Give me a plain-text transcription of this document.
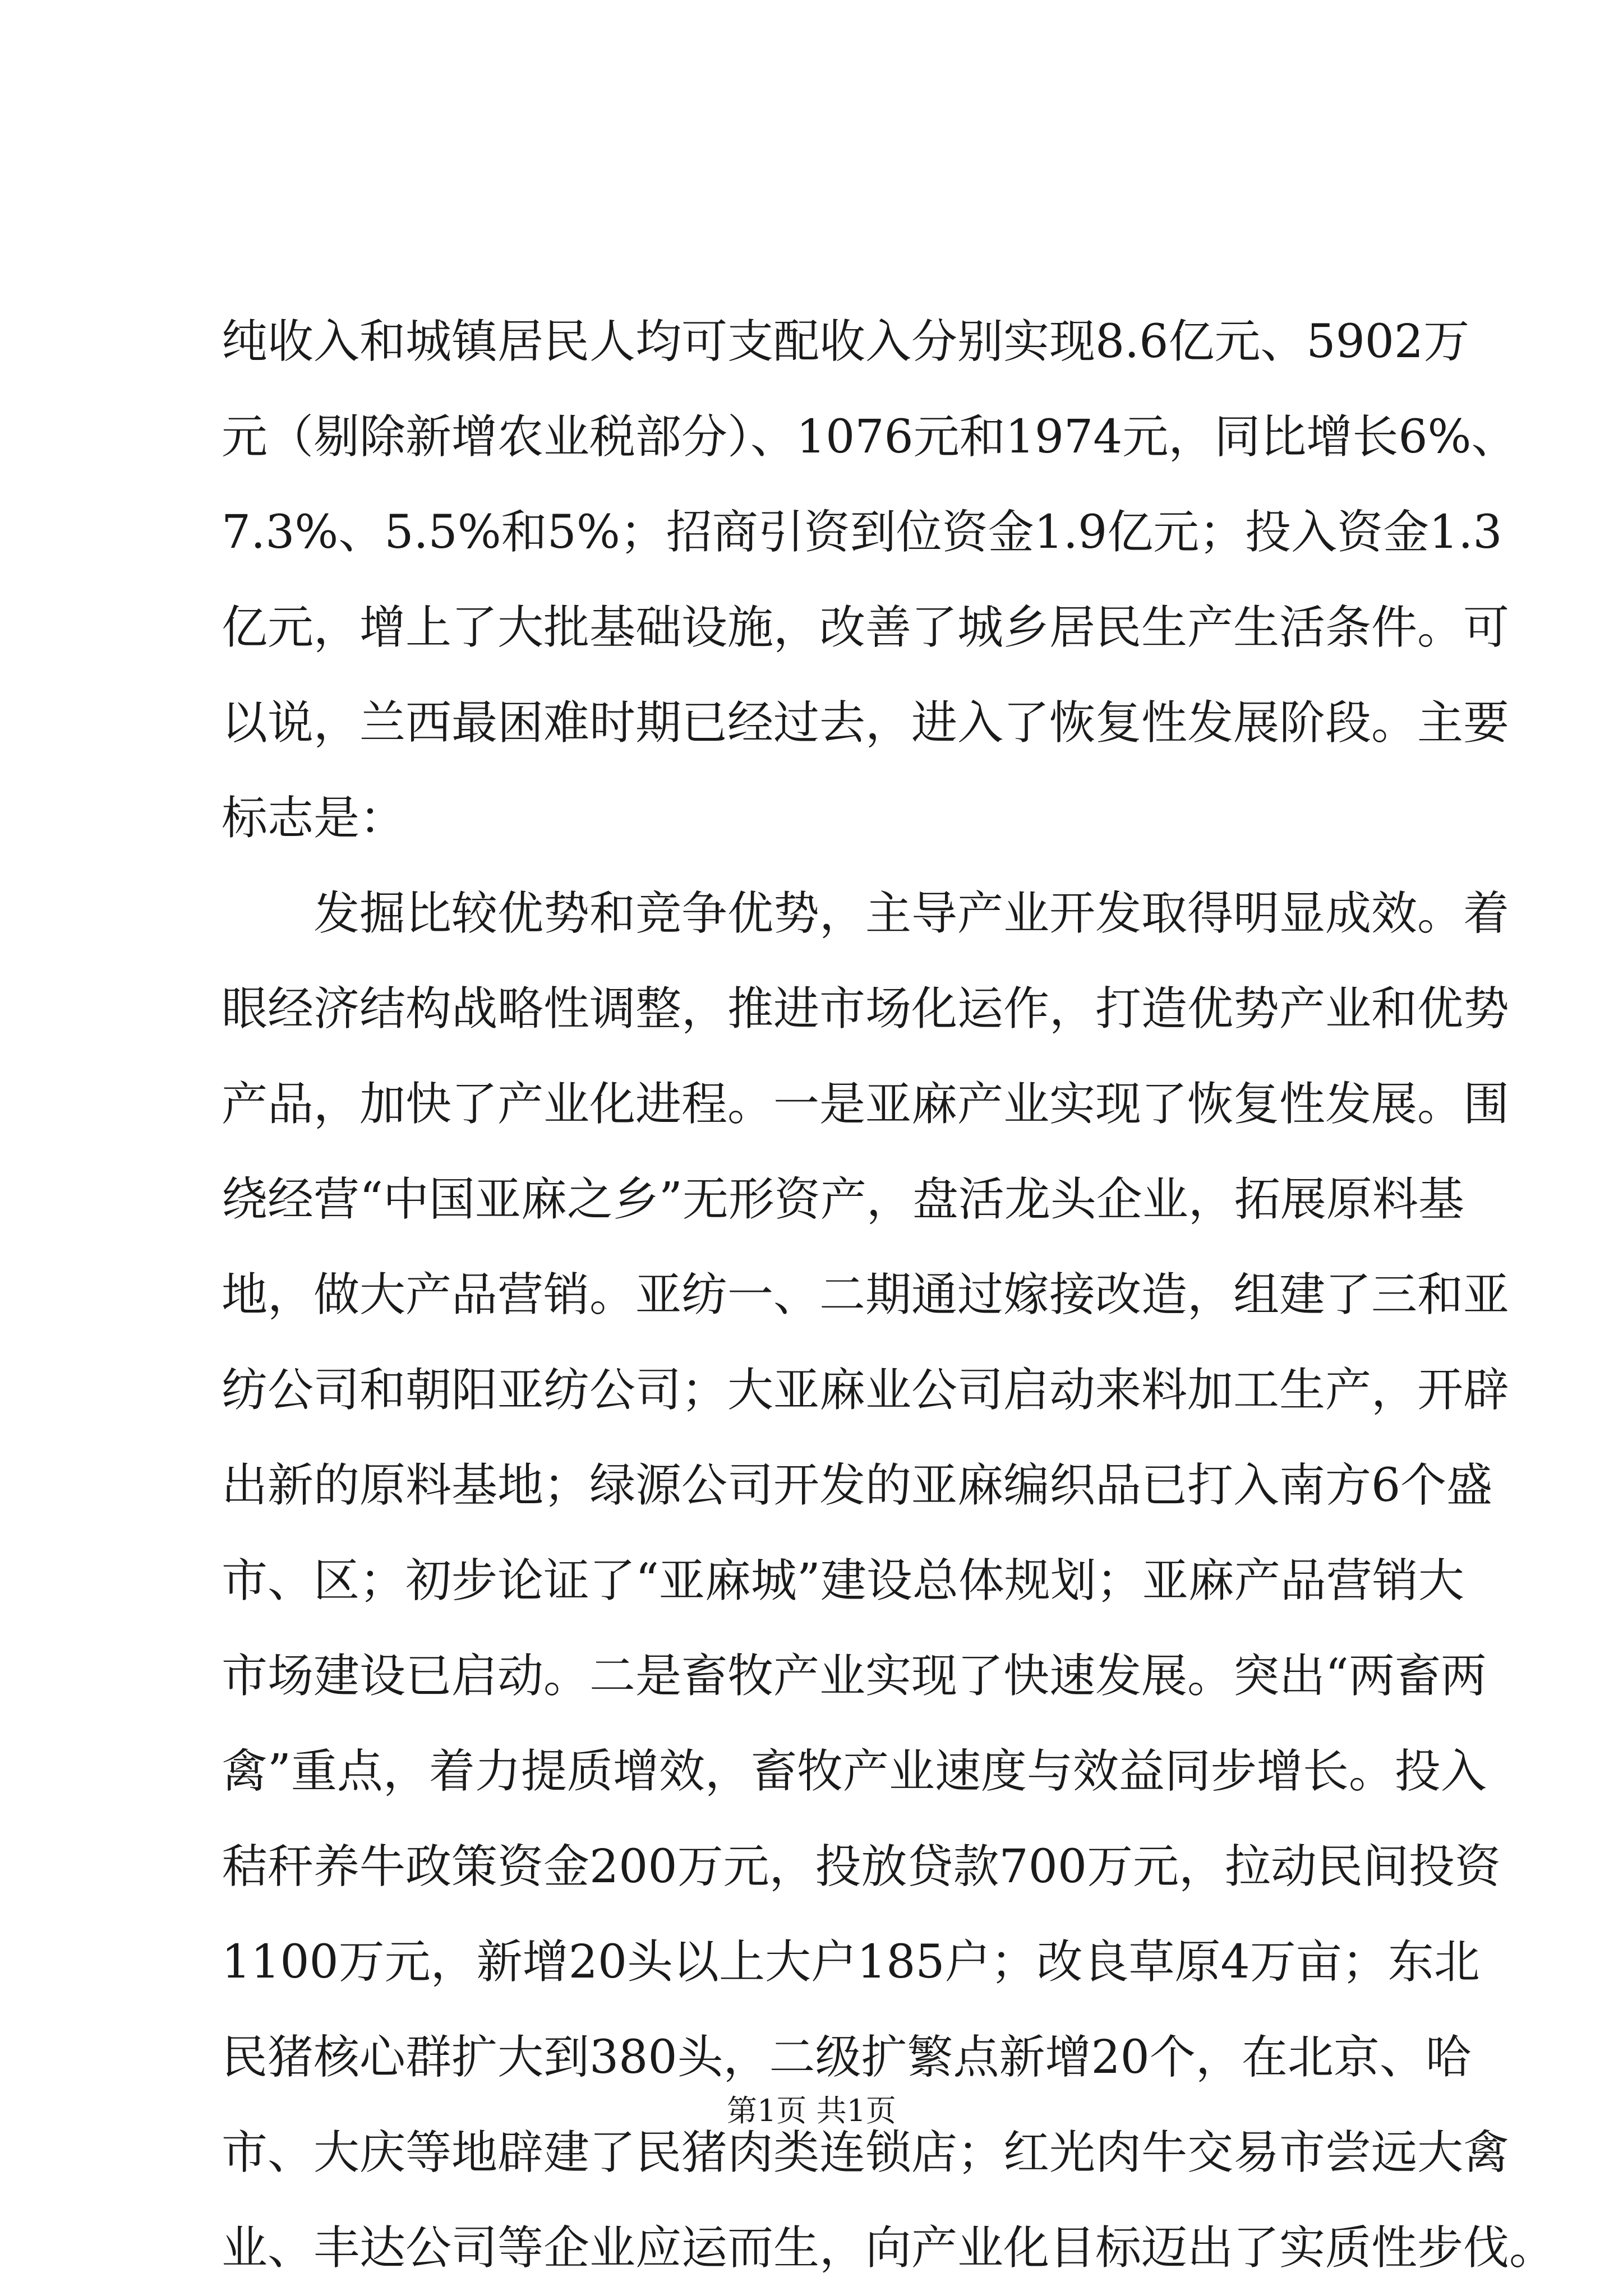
纯收入和城镇居民人均可支配收入分别实现8.6亿元、5902万
元（剔除新增农业税部分）、1076元和1974元，同比增长6%、
7.3%、5.5%和5%；招商引资到位资金1.9亿元；投入资金1.3
亿元，增上了大批基础设施，改善了城乡居民生产生活条件。可
以说，兰西最困难时期已经过去，进入了恢复性发展阶段。主要
标志是：
发掘比较优势和竞争优势，主导产业开发取得明显成效。着
眼经济结构战略性调整，推进市场化运作，打造优势产业和优势
产品，加快了产业化进程。一是亚麻产业实现了恢复性发展。围
绕经营“中国亚麻之乡”无形资产，盘活龙头企业，拓展原料基
地，做大产品营销。亚纺一、二期通过嫁接改造，组建了三和亚
纺公司和朝阳亚纺公司；大亚麻业公司启动来料加工生产，开辟
出新的原料基地；绿源公司开发的亚麻编织品已打入南方6个盛
市、区；初步论证了“亚麻城”建设总体规划；亚麻产品营销大
市场建设已启动。二是畜牧产业实现了快速发展。突出“两畜两
禽”重点，着力提质增效，畜牧产业速度与效益同步增长。投入
秸秆养牛政策资金200万元，投放贷款700万元，拉动民间投资
1100万元，新增20头以上大户185户；改良草原4万亩；东北
民猪核心群扩大到380头，二级扩繁点新增20个，在北京、哈
市、大庆等地辟建了民猪肉类连锁店；红光肉牛交易市尝远大禽
业、丰达公司等企业应运而生，向产业化目标迈出了实质性步伐。
第1页 共1页
